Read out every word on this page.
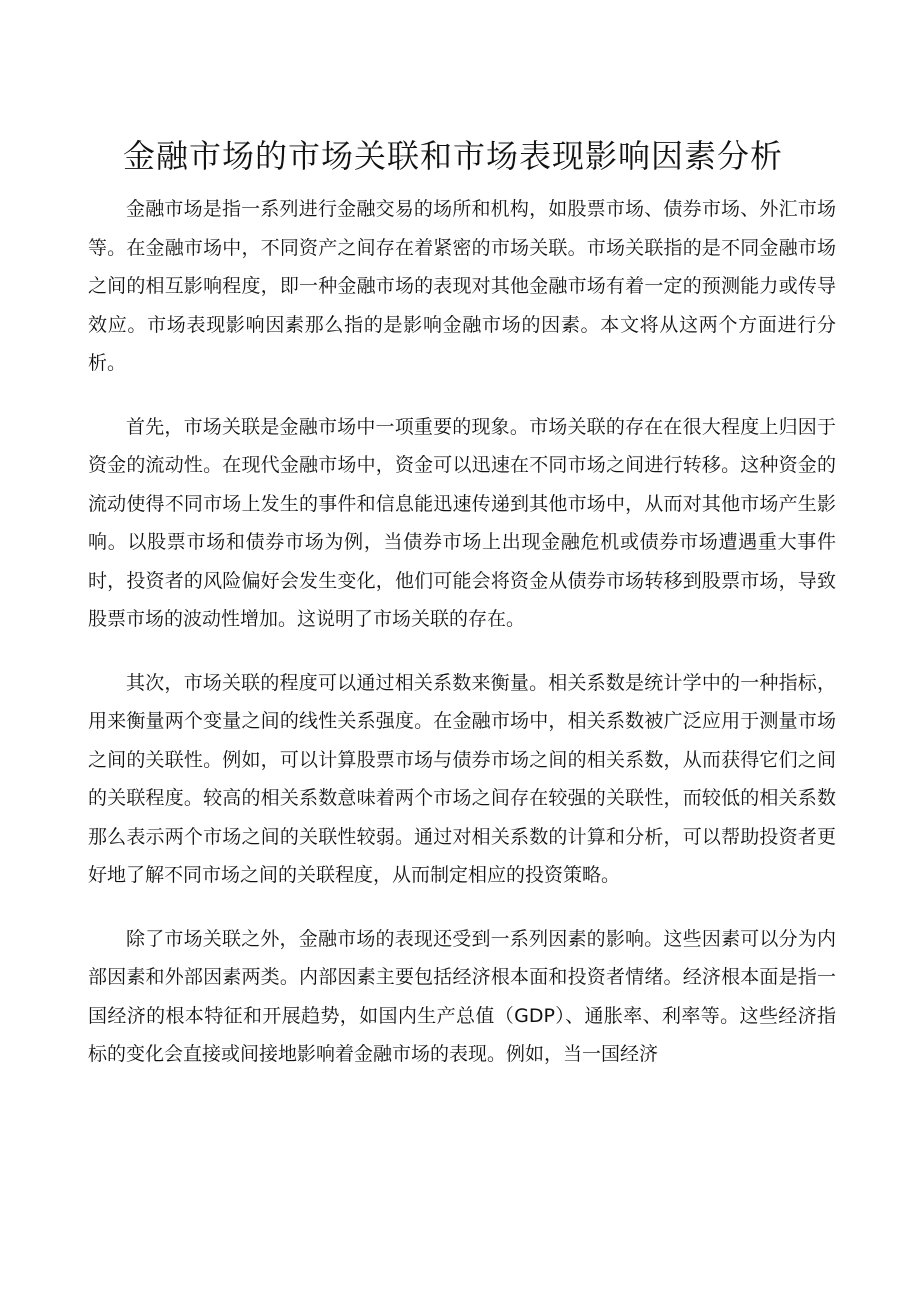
金融市场的市场关联和市场表现影响因素分析

金融市场是指一系列进行金融交易的场所和机构，如股票市场、债券市场、外汇市场等。在金融市场中，不同资产之间存在着紧密的市场关联。市场关联指的是不同金融市场之间的相互影响程度，即一种金融市场的表现对其他金融市场有着一定的预测能力或传导效应。市场表现影响因素那么指的是影响金融市场的因素。本文将从这两个方面进行分析。

首先，市场关联是金融市场中一项重要的现象。市场关联的存在在很大程度上归因于资金的流动性。在现代金融市场中，资金可以迅速在不同市场之间进行转移。这种资金的流动使得不同市场上发生的事件和信息能迅速传递到其他市场中，从而对其他市场产生影响。以股票市场和债券市场为例，当债券市场上出现金融危机或债券市场遭遇重大事件时，投资者的风险偏好会发生变化，他们可能会将资金从债券市场转移到股票市场，导致股票市场的波动性增加。这说明了市场关联的存在。

其次，市场关联的程度可以通过相关系数来衡量。相关系数是统计学中的一种指标，用来衡量两个变量之间的线性关系强度。在金融市场中，相关系数被广泛应用于测量市场之间的关联性。例如，可以计算股票市场与债券市场之间的相关系数，从而获得它们之间的关联程度。较高的相关系数意味着两个市场之间存在较强的关联性，而较低的相关系数那么表示两个市场之间的关联性较弱。通过对相关系数的计算和分析，可以帮助投资者更好地了解不同市场之间的关联程度，从而制定相应的投资策略。

除了市场关联之外，金融市场的表现还受到一系列因素的影响。这些因素可以分为内部因素和外部因素两类。内部因素主要包括经济根本面和投资者情绪。经济根本面是指一国经济的根本特征和开展趋势，如国内生产总值（GDP）、通胀率、利率等。这些经济指标的变化会直接或间接地影响着金融市场的表现。例如，当一国经济
